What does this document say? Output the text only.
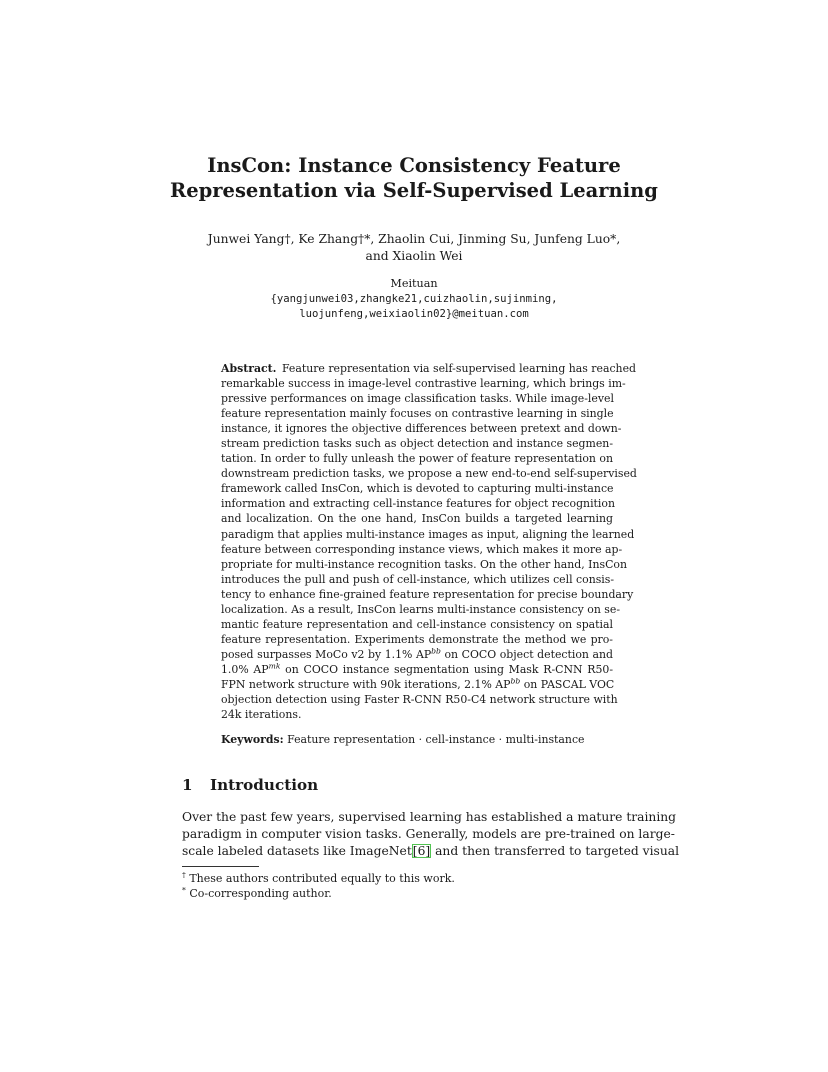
InsCon: Instance Consistency Feature
Representation via Self-Supervised Learning
Junwei Yang†, Ke Zhang†*, Zhaolin Cui, Jinming Su, Junfeng Luo*,
and Xiaolin Wei
Meituan
{yangjunwei03,zhangke21,cuizhaolin,sujinming,
luojunfeng,weixiaolin02}@meituan.com
Abstract.  Feature representation via self-supervised learning has reached
remarkable success in image-level contrastive learning, which brings im-
pressive performances on image classification tasks. While image-level
feature representation mainly focuses on contrastive learning in single
instance, it ignores the objective differences between pretext and down-
stream prediction tasks such as object detection and instance segmen-
tation. In order to fully unleash the power of feature representation on
downstream prediction tasks, we propose a new end-to-end self-supervised
framework called InsCon, which is devoted to capturing multi-instance
information and extracting cell-instance features for object recognition
and localization. On the one hand, InsCon builds a targeted learning
paradigm that applies multi-instance images as input, aligning the learned
feature between corresponding instance views, which makes it more ap-
propriate for multi-instance recognition tasks. On the other hand, InsCon
introduces the pull and push of cell-instance, which utilizes cell consis-
tency to enhance fine-grained feature representation for precise boundary
localization. As a result, InsCon learns multi-instance consistency on se-
mantic feature representation and cell-instance consistency on spatial
feature representation. Experiments demonstrate the method we pro-
posed surpasses MoCo v2 by 1.1% $AP^{bb}$ on COCO object detection and
1.0% $AP^{mk}$ on COCO instance segmentation using Mask R-CNN R50-
FPN network structure with 90k iterations, 2.1% $AP^{bb}$ on PASCAL VOC
objection detection using Faster R-CNN R50-C4 network structure with
24k iterations.
Keywords: Feature representation · cell-instance · multi-instance
1 Introduction
Over the past few years, supervised learning has established a mature training
paradigm in computer vision tasks. Generally, models are pre-trained on large-
scale labeled datasets like ImageNet[6] and then transferred to targeted visual
† These authors contributed equally to this work.
* Co-corresponding author.
